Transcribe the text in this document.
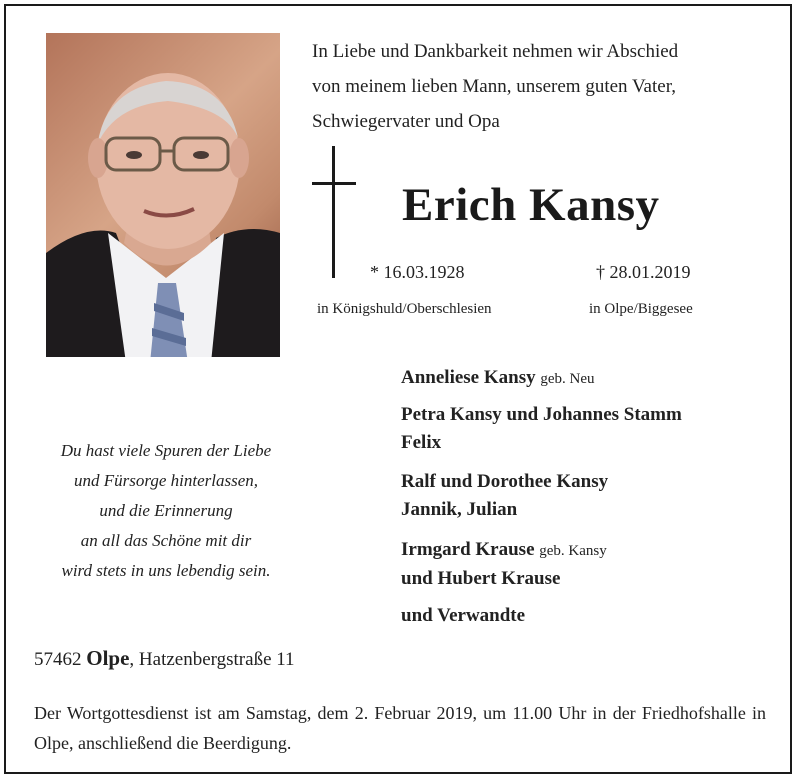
In Liebe und Dankbarkeit nehmen wir Abschied
von meinem lieben Mann, unserem guten Vater,
Schwiegervater und Opa
Erich Kansy
* 16.03.1928	† 28.01.2019
in Königshuld/Oberschlesien	in Olpe/Biggesee
Du hast viele Spuren der Liebe
und Fürsorge hinterlassen,
und die Erinnerung
an all das Schöne mit dir
wird stets in uns lebendig sein.
Anneliese Kansy geb. Neu
Petra Kansy und Johannes Stamm
Felix
Ralf und Dorothee Kansy
Jannik, Julian
Irmgard Krause geb. Kansy
und Hubert Krause
und Verwandte
57462 Olpe, Hatzenbergstraße 11
Der Wortgottesdienst ist am Samstag, dem 2. Februar 2019, um 11.00 Uhr in der Friedhofshalle in Olpe, anschließend die Beerdigung.
